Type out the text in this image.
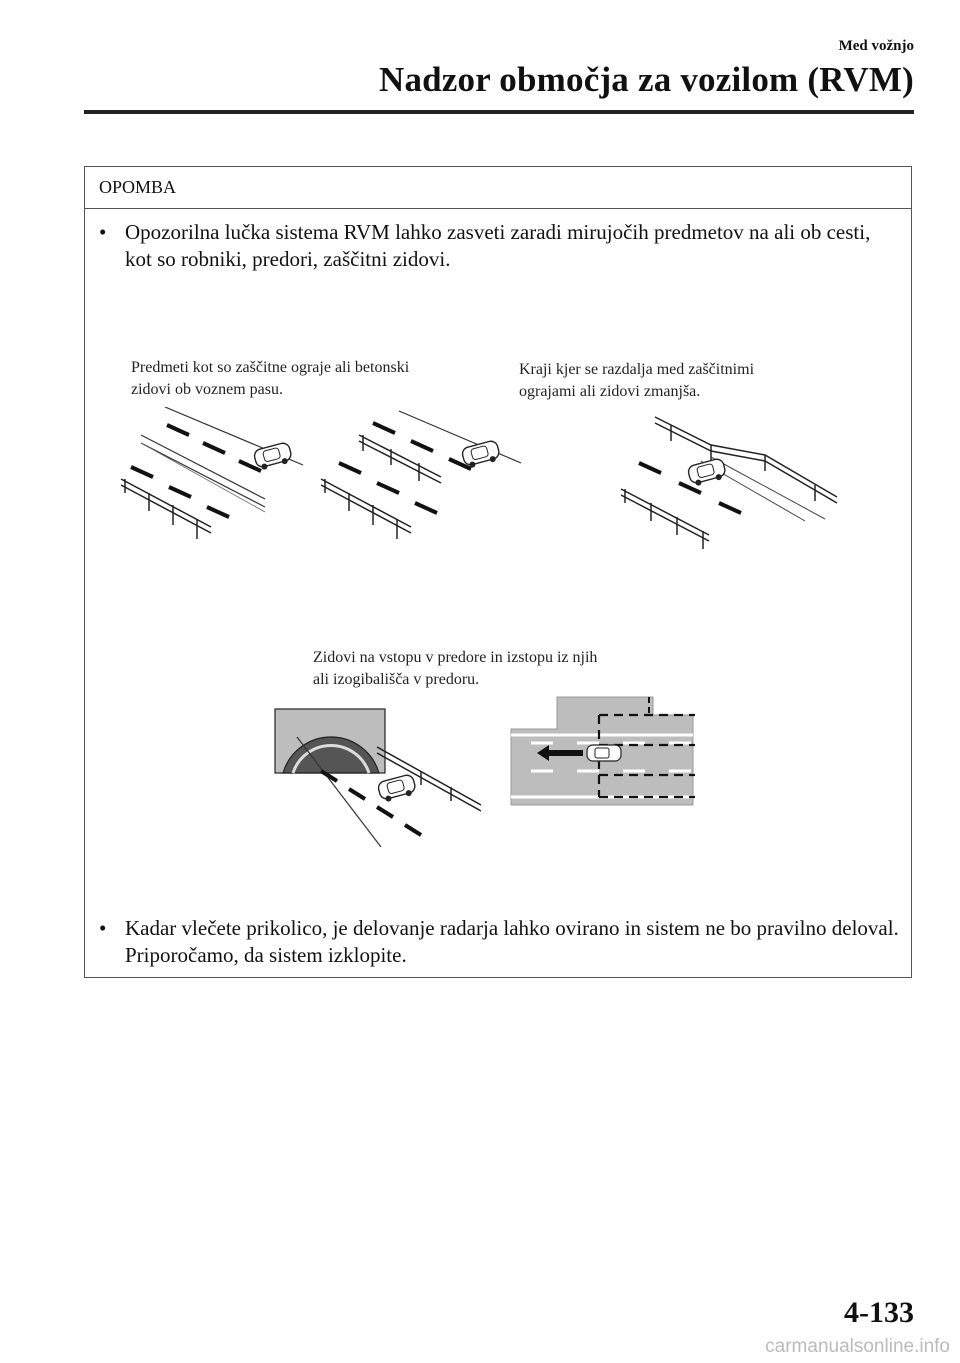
Med vožnjo
Nadzor območja za vozilom (RVM)
OPOMBA
• Opozorilna lučka sistema RVM lahko zasveti zaradi mirujočih predmetov na ali ob cesti, kot so robniki, predori, zaščitni zidovi.
Predmeti kot so zaščitne ograje ali betonski
zidovi ob voznem pasu.
Kraji kjer se razdalja med zaščitnimi
ograjami ali zidovi zmanjša.
Zidovi na vstopu v predore in izstopu iz njih
ali izogibališča v predoru.
• Kadar vlečete prikolico, je delovanje radarja lahko ovirano in sistem ne bo pravilno deloval. Priporočamo, da sistem izklopite.
4-133
carmanualsonline.info
